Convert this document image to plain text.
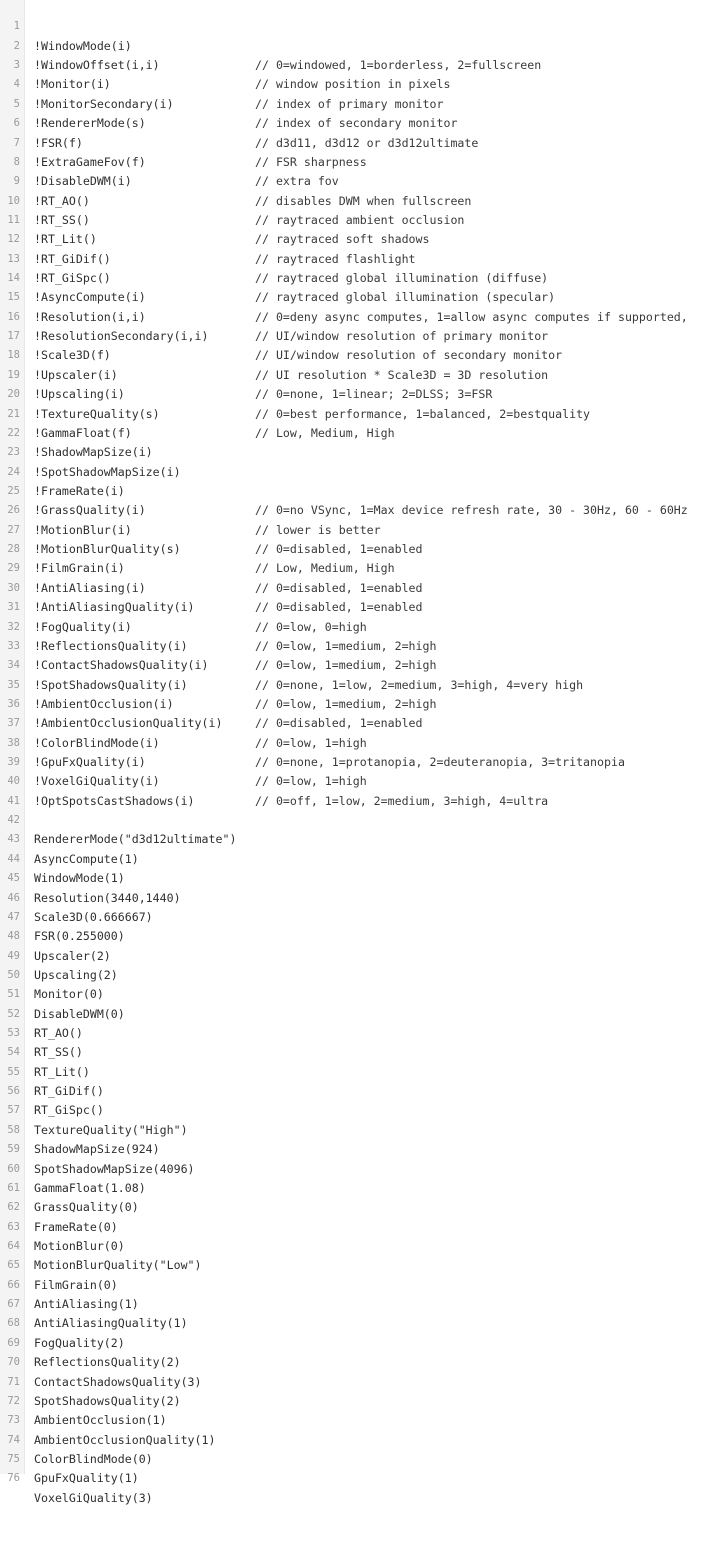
1

!WindowMode(i)

// 0=windowed, 1=borderless, 2=fullscreen

2

!WindowOffset(i,i)

// window position in pixels

3

!Monitor(i)

// index of primary monitor

4

!MonitorSecondary(i)

// index of secondary monitor

5

!RendererMode(s)

// d3d11, d3d12 or d3d12ultimate

6

!FSR(f)

// FSR sharpness

7

!ExtraGameFov(f)

// extra fov

8

!DisableDWM(i)

// disables DWM when fullscreen

9

!RT_AO()

// raytraced ambient occlusion

10

!RT_SS()

// raytraced soft shadows

11

!RT_Lit()

// raytraced flashlight

12

!RT_GiDif()

// raytraced global illumination (diffuse)

13

!RT_GiSpc()

// raytraced global illumination (specular)

14

!AsyncCompute(i)

// 0=deny async computes, 1=allow async computes if supported,

15

!Resolution(i,i)

// UI/window resolution of primary monitor

16

!ResolutionSecondary(i,i)

// UI/window resolution of secondary monitor

17

!Scale3D(f)

// UI resolution * Scale3D = 3D resolution

18

!Upscaler(i)

// 0=none, 1=linear; 2=DLSS; 3=FSR

19

!Upscaling(i)

// 0=best performance, 1=balanced, 2=bestquality

20

!TextureQuality(s)

// Low, Medium, High

21

!GammaFloat(f)

22

!ShadowMapSize(i)

23

!SpotShadowMapSize(i)

24

!FrameRate(i)

// 0=no VSync, 1=Max device refresh rate, 30 - 30Hz, 60 - 60Hz

25

!GrassQuality(i)

// lower is better

26

!MotionBlur(i)

// 0=disabled, 1=enabled

27

!MotionBlurQuality(s)

// Low, Medium, High

28

!FilmGrain(i)

// 0=disabled, 1=enabled

29

!AntiAliasing(i)

// 0=disabled, 1=enabled

30

!AntiAliasingQuality(i)

// 0=low, 0=high

31

!FogQuality(i)

// 0=low, 1=medium, 2=high

32

!ReflectionsQuality(i)

// 0=low, 1=medium, 2=high

33

!ContactShadowsQuality(i)

// 0=none, 1=low, 2=medium, 3=high, 4=very high

34

!SpotShadowsQuality(i)

// 0=low, 1=medium, 2=high

35

!AmbientOcclusion(i)

// 0=disabled, 1=enabled

36

!AmbientOcclusionQuality(i)

// 0=low, 1=high

37

!ColorBlindMode(i)

// 0=none, 1=protanopia, 2=deuteranopia, 3=tritanopia

38

!GpuFxQuality(i)

// 0=low, 1=high

39

!VoxelGiQuality(i)

// 0=off, 1=low, 2=medium, 3=high, 4=ultra

40

!OptSpotsCastShadows(i)

41

42

RendererMode("d3d12ultimate")

43

AsyncCompute(1)

44

WindowMode(1)

45

Resolution(3440,1440)

46

Scale3D(0.666667)

47

FSR(0.255000)

48

Upscaler(2)

49

Upscaling(2)

50

Monitor(0)

51

DisableDWM(0)

52

RT_AO()

53

RT_SS()

54

RT_Lit()

55

RT_GiDif()

56

RT_GiSpc()

57

TextureQuality("High")

58

ShadowMapSize(924)

59

SpotShadowMapSize(4096)

60

GammaFloat(1.08)

61

GrassQuality(0)

62

FrameRate(0)

63

MotionBlur(0)

64

MotionBlurQuality("Low")

65

FilmGrain(0)

66

AntiAliasing(1)

67

AntiAliasingQuality(1)

68

FogQuality(2)

69

ReflectionsQuality(2)

70

ContactShadowsQuality(3)

71

SpotShadowsQuality(2)

72

AmbientOcclusion(1)

73

AmbientOcclusionQuality(1)

74

ColorBlindMode(0)

75

GpuFxQuality(1)

76

VoxelGiQuality(3)
